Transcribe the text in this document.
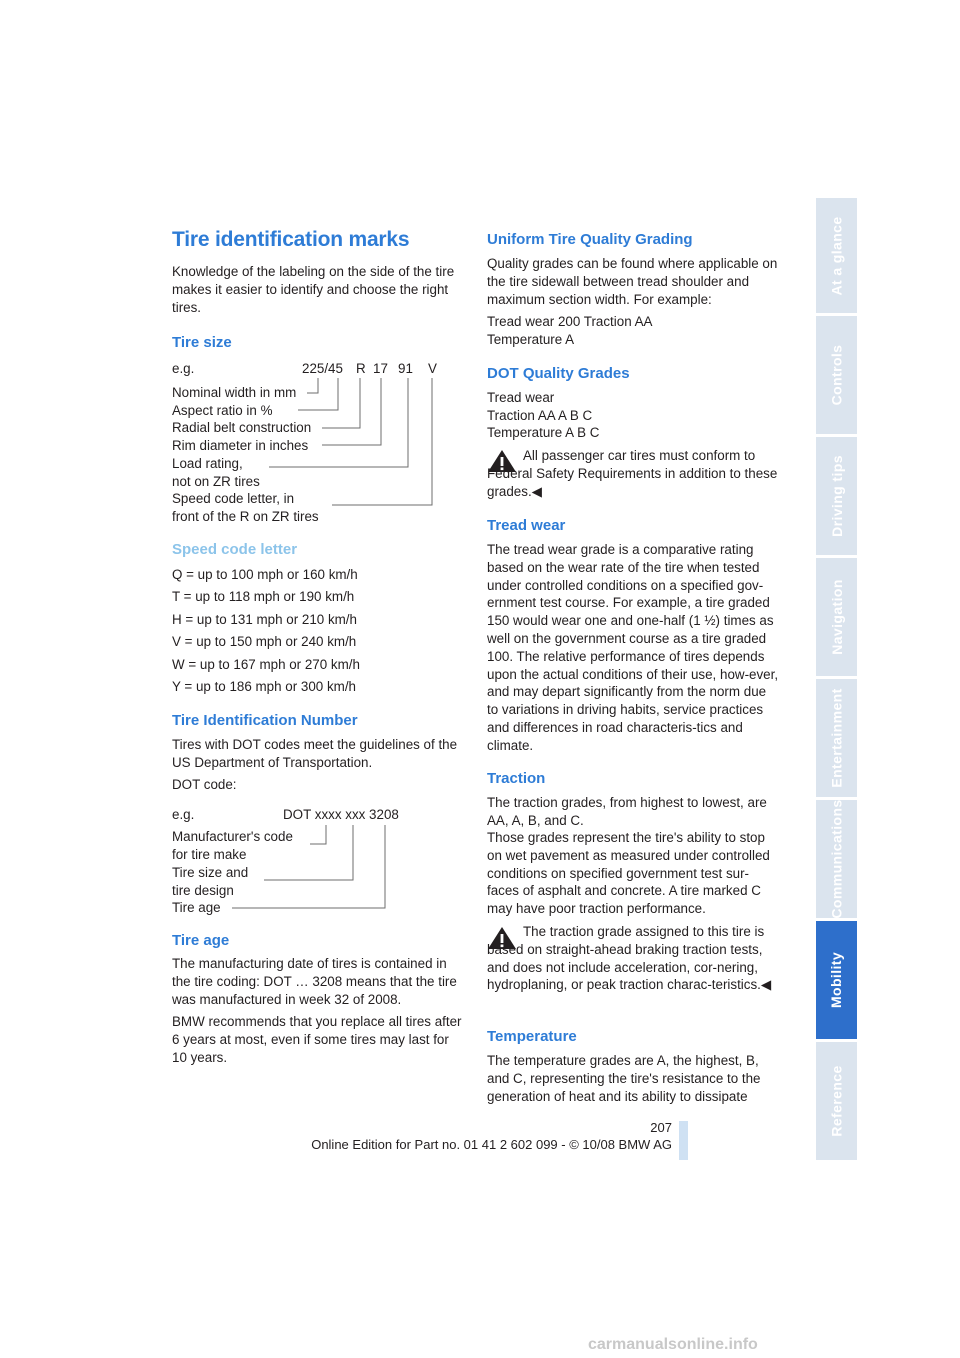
Tire identification marks

Knowledge of the labeling on the side of the tire makes it easier to identify and choose the right tires.

Tire size
e.g.	225/45 R 17 91 V
Nominal width in mm
Aspect ratio in %
Radial belt construction
Rim diameter in inches
Load rating,
not on ZR tires
Speed code letter, in
front of the R on ZR tires
Speed code letter

Q = up to 100 mph or 160 km/h

T = up to 118 mph or 190 km/h

H = up to 131 mph or 210 km/h

V = up to 150 mph or 240 km/h

W = up to 167 mph or 270 km/h

Y = up to 186 mph or 300 km/h

Tire Identification Number

Tires with DOT codes meet the guidelines of the US Department of Transportation.

DOT code:

e.g.	DOT xxxx xxx 3208
Manufacturer's code
for tire make
Tire size and
tire design
Tire age
Tire age

The manufacturing date of tires is contained in the tire coding: DOT … 3208 means that the tire was manufactured in week 32 of 2008.

BMW recommends that you replace all tires after 6 years at most, even if some tires may last for 10 years.

Uniform Tire Quality Grading

Quality grades can be found where applicable on the tire sidewall between tread shoulder and maximum section width. For example:

Tread wear 200 Traction AA

Temperature A

DOT Quality Grades

Tread wear

Traction AA A B C

Temperature A B C

All passenger car tires must conform to Federal Safety Requirements in addition to these grades.◀

Tread wear

The tread wear grade is a comparative rating based on the wear rate of the tire when tested under controlled conditions on a specified gov-ernment test course. For example, a tire graded 150 would wear one and one-half (1 ½) times as well on the government course as a tire graded 100. The relative performance of tires depends upon the actual conditions of their use, how-ever, and may depart significantly from the norm due to variations in driving habits, service practices and differences in road characteris-tics and climate.

Traction

The traction grades, from highest to lowest, are AA, A, B, and C.

Those grades represent the tire's ability to stop on wet pavement as measured under controlled conditions on specified government test sur-faces of asphalt and concrete. A tire marked C may have poor traction performance.

The traction grade assigned to this tire is based on straight-ahead braking traction tests, and does not include acceleration, cor-nering, hydroplaning, or peak traction charac-teristics.◀

Temperature

The temperature grades are A, the highest, B, and C, representing the tire's resistance to the generation of heat and its ability to dissipate

At a glance
Controls
Driving tips
Navigation
Entertainment
Communications
Mobility
Reference
207
Online Edition for Part no. 01 41 2 602 099 - © 10/08 BMW AG
carmanualsonline.info
